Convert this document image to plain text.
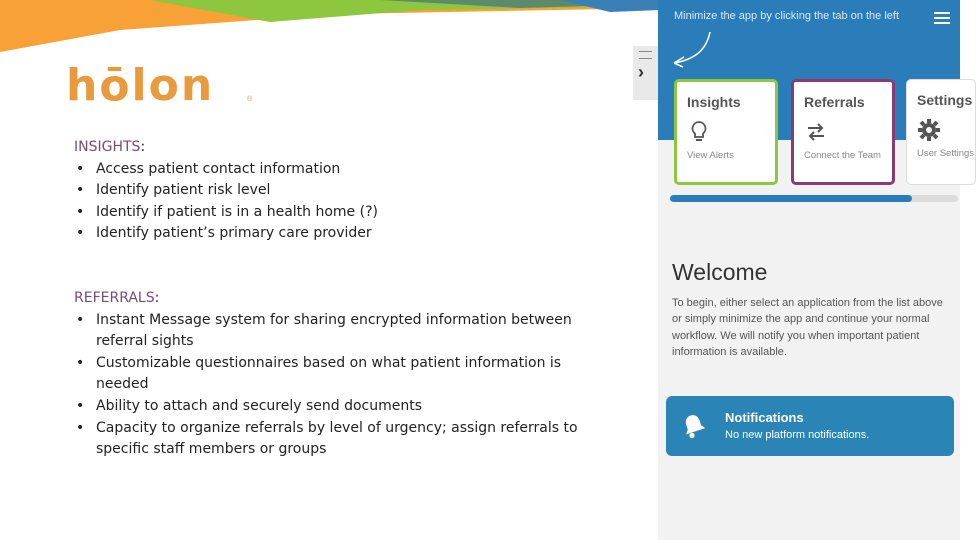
hōlon	®
INSIGHTS:
• Access patient contact information
• Identify patient risk level
• Identify if patient is in a health home (?)
• Identify patient’s primary care provider
REFERRALS:
• Instant Message system for sharing encrypted information between referral sights
• Customizable questionnaires based on what patient information is needed
• Ability to attach and securely send documents
• Capacity to organize referrals by level of urgency; assign referrals to specific staff members or groups
›
Minimize the app by clicking the tab on the left
Insights
View Alerts
Referrals
Connect the Team
Settings
User Settings
Welcome
To begin, either select an application from the list above or simply minimize the app and continue your normal workflow. We will notify you when important patient information is available.
Notifications
No new platform notifications.
